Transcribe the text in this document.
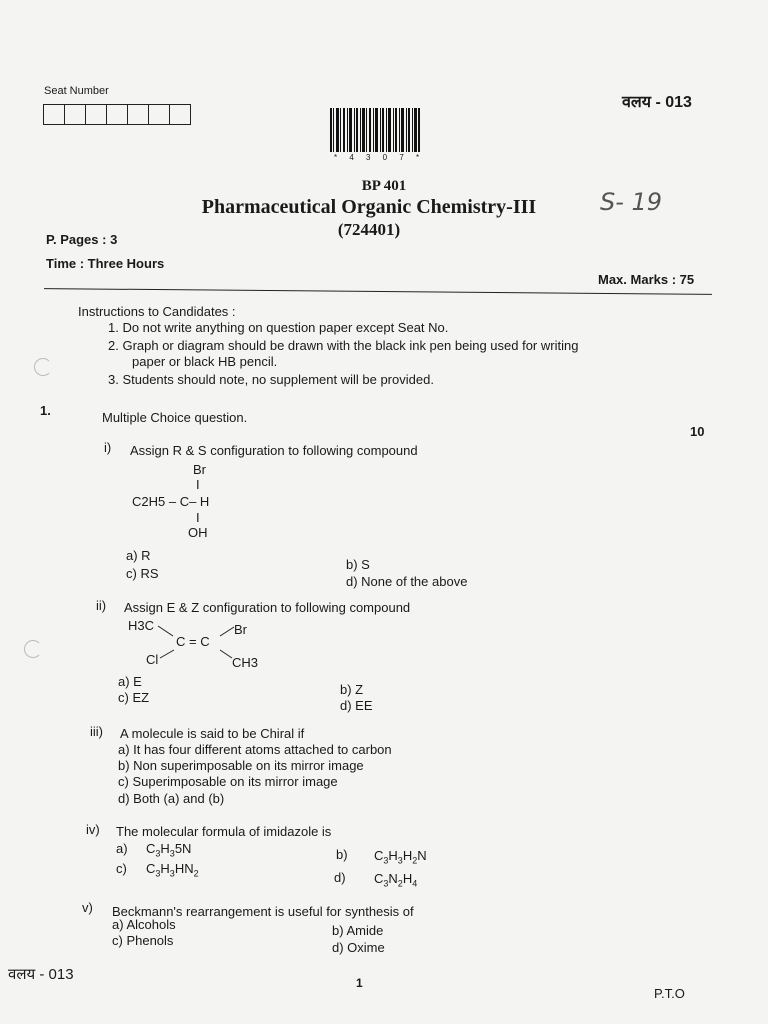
Seat Number
वलय - 013
* 4 3 0 7 *
BP 401
Pharmaceutical Organic Chemistry-III
(724401)
S- 19
P. Pages : 3
Time : Three Hours
Max. Marks : 75
Instructions to Candidates :
1. Do not write anything on question paper except Seat No.
2. Graph or diagram should be drawn with the black ink pen being used for writing
paper or black HB pencil.
3. Students should note, no supplement will be provided.
1.	Multiple Choice question.
10
i) Assign R & S configuration to following compound
Br
I
C2H5 – C– H
I
OH
a) R
c) RS
b) S
d) None of the above
ii) Assign E & Z configuration to following compound
H3C	Br
C = C
Cl	CH3
a) E
c) EZ
b) Z
d) EE
iii) A molecule is said to be Chiral if
a) It has four different atoms attached to carbon
b) Non superimposable on its mirror image
c) Superimposable on its mirror image
d) Both (a) and (b)
iv) The molecular formula of imidazole is
a) $C_3H_35N$
c) $C_3H_3HN_2$
b) $C_3H_3H_2N$
d) $C_3N_2H_4$
v) Beckmann's rearrangement is useful for synthesis of
a) Alcohols
c) Phenols
b) Amide
d) Oxime
वलय - 013	1
P.T.O
